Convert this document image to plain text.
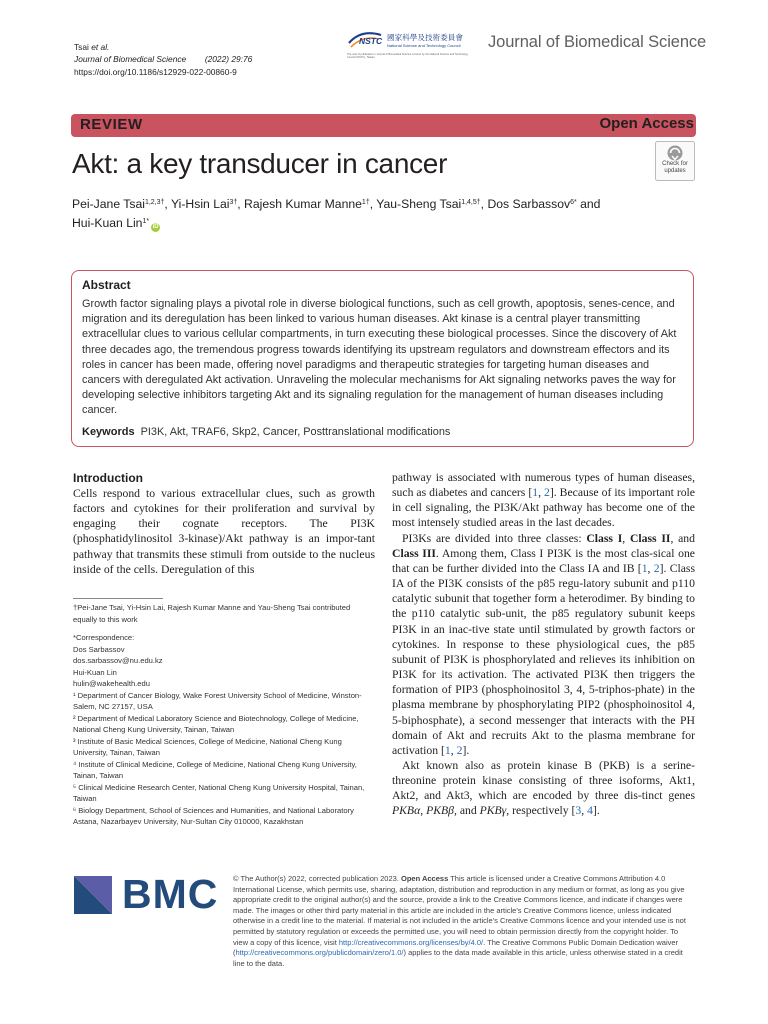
Tsai et al.
Journal of Biomedical Science (2022) 29:76
https://doi.org/10.1186/s12929-022-00860-9
NSTC 國家科學及技術委員會
National Science and Technology Council
The cost of publication in Journal of Biomedical Science is borne by the National Science and Technology Council (NSTC), Taiwan.
Journal of Biomedical Science
REVIEW	Open Access
Akt: a key transducer in cancer	Check for updates
Pei-Jane Tsai$^{1,2,3\dagger}$, Yi-Hsin Lai$^{3\dagger}$, Rajesh Kumar Manne$^{1\dagger}$, Yau-Sheng Tsai$^{1,4,5\dagger}$, Dos Sarbassov$^{6*}$ and
Hui-Kuan Lin$^{1*}$iD
Abstract
Growth factor signaling plays a pivotal role in diverse biological functions, such as cell growth, apoptosis, senes-cence, and migration and its deregulation has been linked to various human diseases. Akt kinase is a central player transmitting extracellular clues to various cellular compartments, in turn executing these biological processes. Since the discovery of Akt three decades ago, the tremendous progress towards identifying its upstream regulators and downstream effectors and its roles in cancer has been made, offering novel paradigms and therapeutic strategies for targeting human diseases and cancers with deregulated Akt activation. Unraveling the molecular mechanisms for Akt signaling networks paves the way for developing selective inhibitors targeting Akt and its signaling regulation for the management of human diseases including cancer.
Keywords PI3K, Akt, TRAF6, Skp2, Cancer, Posttranslational modifications

Introduction

Cells respond to various extracellular clues, such as growth factors and cytokines for their proliferation and survival by engaging their cognate receptors. The PI3K (phosphatidylinositol 3-kinase)/Akt pathway is an impor-tant pathway that transmits these stimuli from outside to the nucleus inside of the cells. Deregulation of this

†Pei-Jane Tsai, Yi-Hsin Lai, Rajesh Kumar Manne and Yau-Sheng Tsai contributed equally to this work

*Correspondence:

Dos Sarbassov

dos.sarbassov@nu.edu.kz

Hui-Kuan Lin

hulin@wakehealth.edu

¹ Department of Cancer Biology, Wake Forest University School of Medicine, Winston-Salem, NC 27157, USA

² Department of Medical Laboratory Science and Biotechnology, College of Medicine, National Cheng Kung University, Tainan, Taiwan

³ Institute of Basic Medical Sciences, College of Medicine, National Cheng Kung University, Tainan, Taiwan

⁴ Institute of Clinical Medicine, College of Medicine, National Cheng Kung University, Tainan, Taiwan

⁵ Clinical Medicine Research Center, National Cheng Kung University Hospital, Tainan, Taiwan

⁶ Biology Department, School of Sciences and Humanities, and National Laboratory Astana, Nazarbayev University, Nur-Sultan City 010000, Kazakhstan

pathway is associated with numerous types of human diseases, such as diabetes and cancers [1, 2]. Because of its important role in cell signaling, the PI3K/Akt pathway has become one of the most intensely studied areas in the last decades.

PI3Ks are divided into three classes: Class I, Class II, and Class III. Among them, Class I PI3K is the most clas-sical one that can be further divided into the Class IA and IB [1, 2]. Class IA of the PI3K consists of the p85 regu-latory subunit and p110 catalytic subunit that together form a heterodimer. By binding to the p110 catalytic sub-unit, the p85 regulatory subunit keeps PI3K in an inac-tive state until stimulated by growth factors or cytokines. In response to these physiological cues, the p85 subunit of PI3K is phosphorylated and relieves its inhibition on PI3K for its activation. The activated PI3K then triggers the formation of PIP3 (phosphoinositol 3, 4, 5-triphos-phate) in the plasma membrane by phosphorylating PIP2 (phosphoinositol 4, 5-biphosphate), a second messenger that interacts with the PH domain of Akt and recruits Akt to the plasma membrane for activation [1, 2].

Akt known also as protein kinase B (PKB) is a serine-threonine protein kinase consisting of three isoforms, Akt1, Akt2, and Akt3, which are encoded by three dis-tinct genes PKBα, PKBβ, and PKBγ, respectively [3, 4].

BMC © The Author(s) 2022, corrected publication 2023. Open Access This article is licensed under a Creative Commons Attribution 4.0 International License, which permits use, sharing, adaptation, distribution and reproduction in any medium or format, as long as you give appropriate credit to the original author(s) and the source, provide a link to the Creative Commons licence, and indicate if changes were made. The images or other third party material in this article are included in the article's Creative Commons licence, unless indicated otherwise in a credit line to the material. If material is not included in the article's Creative Commons licence and your intended use is not permitted by statutory regulation or exceeds the permitted use, you will need to obtain permission directly from the copyright holder. To view a copy of this licence, visit http://creativecommons.org/licenses/by/4.0/. The Creative Commons Public Domain Dedication waiver (http://creativecommons.org/publicdomain/zero/1.0/) applies to the data made available in this article, unless otherwise stated in a credit line to the data.
